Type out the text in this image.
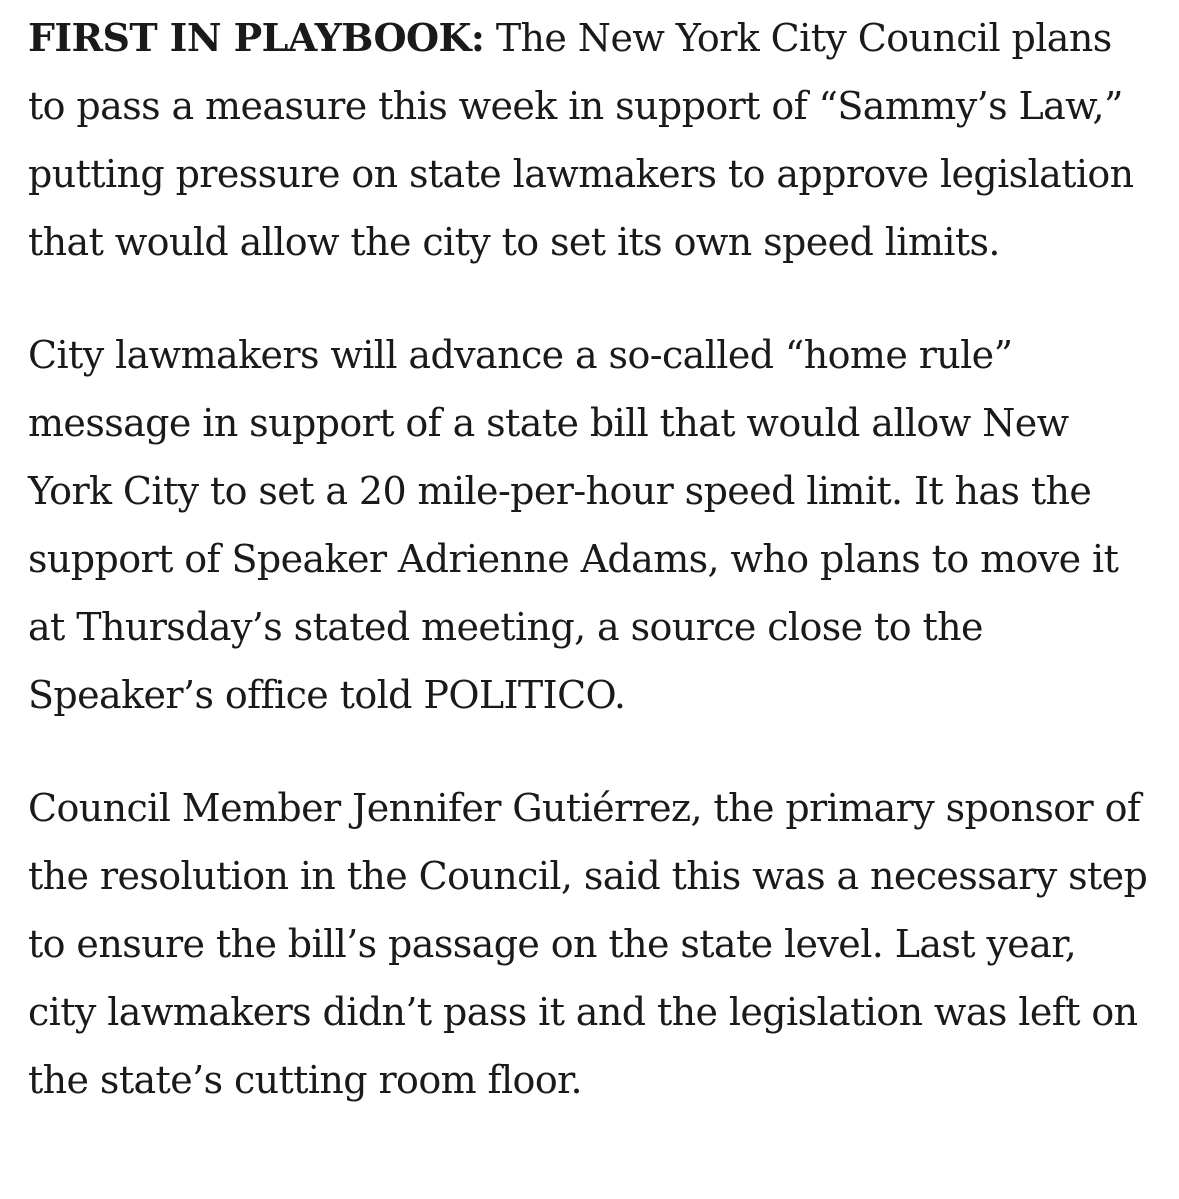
FIRST IN PLAYBOOK: The New York City Council plans to pass a measure this week in support of “Sammy’s Law,” putting pressure on state lawmakers to approve legislation that would allow the city to set its own speed limits.

City lawmakers will advance a so-called “home rule” message in support of a state bill that would allow New York City to set a 20 mile-per-hour speed limit. It has the support of Speaker Adrienne Adams, who plans to move it at Thursday’s stated meeting, a source close to the Speaker’s office told POLITICO.

Council Member Jennifer Gutiérrez, the primary sponsor of the resolution in the Council, said this was a necessary step to ensure the bill’s passage on the state level. Last year, city lawmakers didn’t pass it and the legislation was left on the state’s cutting room floor.
